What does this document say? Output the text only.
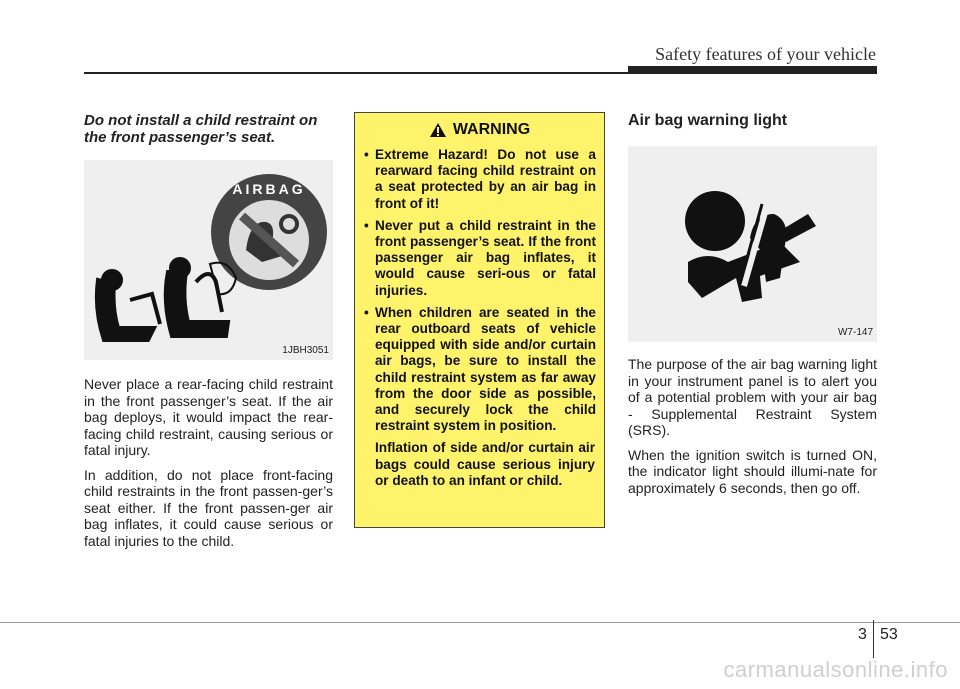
Safety features of your vehicle

Do not install a child restraint on the front passenger’s seat.

AIRBAG
1JBH3051

Never place a rear-facing child restraint in the front passenger’s seat. If the air bag deploys, it would impact the rear-facing child restraint, causing serious or fatal injury.

In addition, do not place front-facing child restraints in the front passen-ger’s seat either. If the front passen-ger air bag inflates, it could cause serious or fatal injuries to the child.

WARNING
• Extreme Hazard! Do not use a rearward facing child restraint on a seat protected by an air bag in front of it!
• Never put a child restraint in the front passenger’s seat. If the front passenger air bag inflates, it would cause seri-ous or fatal injuries.
• When children are seated in the rear outboard seats of vehicle equipped with side and/or curtain air bags, be sure to install the child restraint system as far away from the door side as possible, and securely lock the child restraint system in position.

Inflation of side and/or curtain air bags could cause serious injury or death to an infant or child.

Air bag warning light
W7-147

The purpose of the air bag warning light in your instrument panel is to alert you of a potential problem with your air bag - Supplemental Restraint System (SRS).

When the ignition switch is turned ON, the indicator light should illumi-nate for approximately 6 seconds, then go off.

3 53
carmanualsonline.info
